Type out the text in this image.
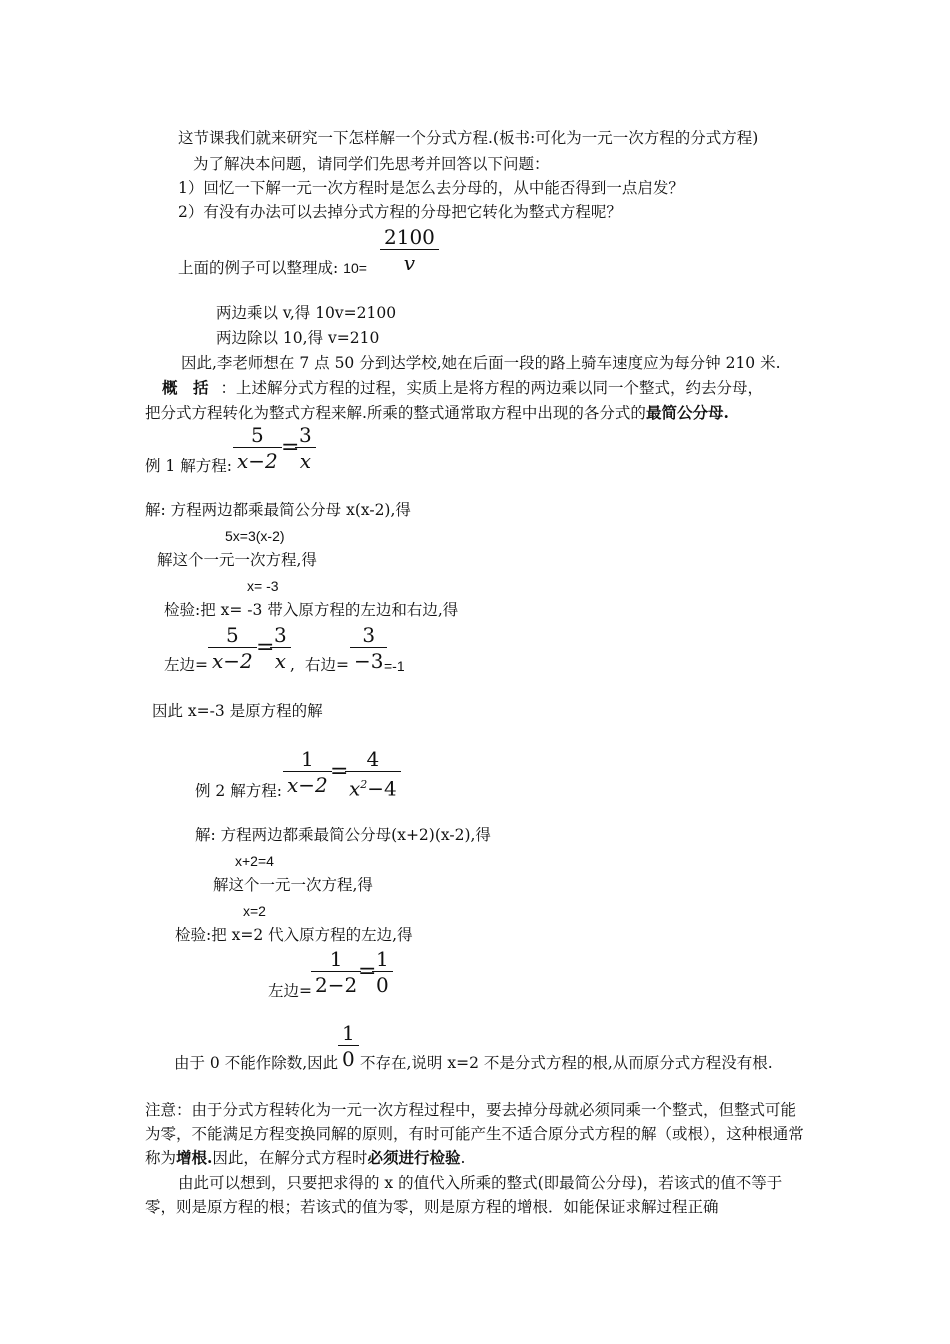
这节课我们就来研究一下怎样解一个分式方程.(板书:可化为一元一次方程的分式方程)
为了解决本问题，请同学们先思考并回答以下问题：
1）回忆一下解一元一次方程时是怎么去分母的，从中能否得到一点启发？
2）有没有办法可以去掉分式方程的分母把它转化为整式方程呢？
上面的例子可以整理成: 10=
2100
v
两边乘以 v,得 10v=2100
两边除以 10,得 v=210
因此,李老师想在 7 点 50 分到达学校,她在后面一段的路上骑车速度应为每分钟 210 米.
概　括 ：上述解分式方程的过程，实质上是将方程的两边乘以同一个整式，约去分母，
把分式方程转化为整式方程来解.所乘的整式通常取方程中出现的各分式的最简公分母.
例 1 解方程:
5
x−2
= 3
x
解: 方程两边都乘最简公分母 x(x-2),得
5x=3(x-2)
解这个一元一次方程,得
x= -3
检验:把 x= -3 带入原方程的左边和右边,得
左边=
5
x−2
= 3
x , 右边=
3
−3 =-1
因此 x=-3 是原方程的解
例 2 解方程:
1
x−2
= 4
$x^2-4$
解: 方程两边都乘最简公分母(x+2)(x-2),得
x+2=4
解这个一元一次方程,得
x=2
检验:把 x=2 代入原方程的左边,得
左边=
1
2−2
= 1
0
由于 0 不能作除数,因此
1
0 不存在,说明 x=2 不是分式方程的根,从而原分式方程没有根.
注意：由于分式方程转化为一元一次方程过程中，要去掉分母就必须同乘一个整式，但整式可能为零，不能满足方程变换同解的原则，有时可能产生不适合原分式方程的解（或根），这种根通常称为增根.因此，在解分式方程时必须进行检验.
由此可以想到，只要把求得的 x 的值代入所乘的整式(即最简公分母)，若该式的值不等于零，则是原方程的根；若该式的值为零，则是原方程的增根．如能保证求解过程正确
